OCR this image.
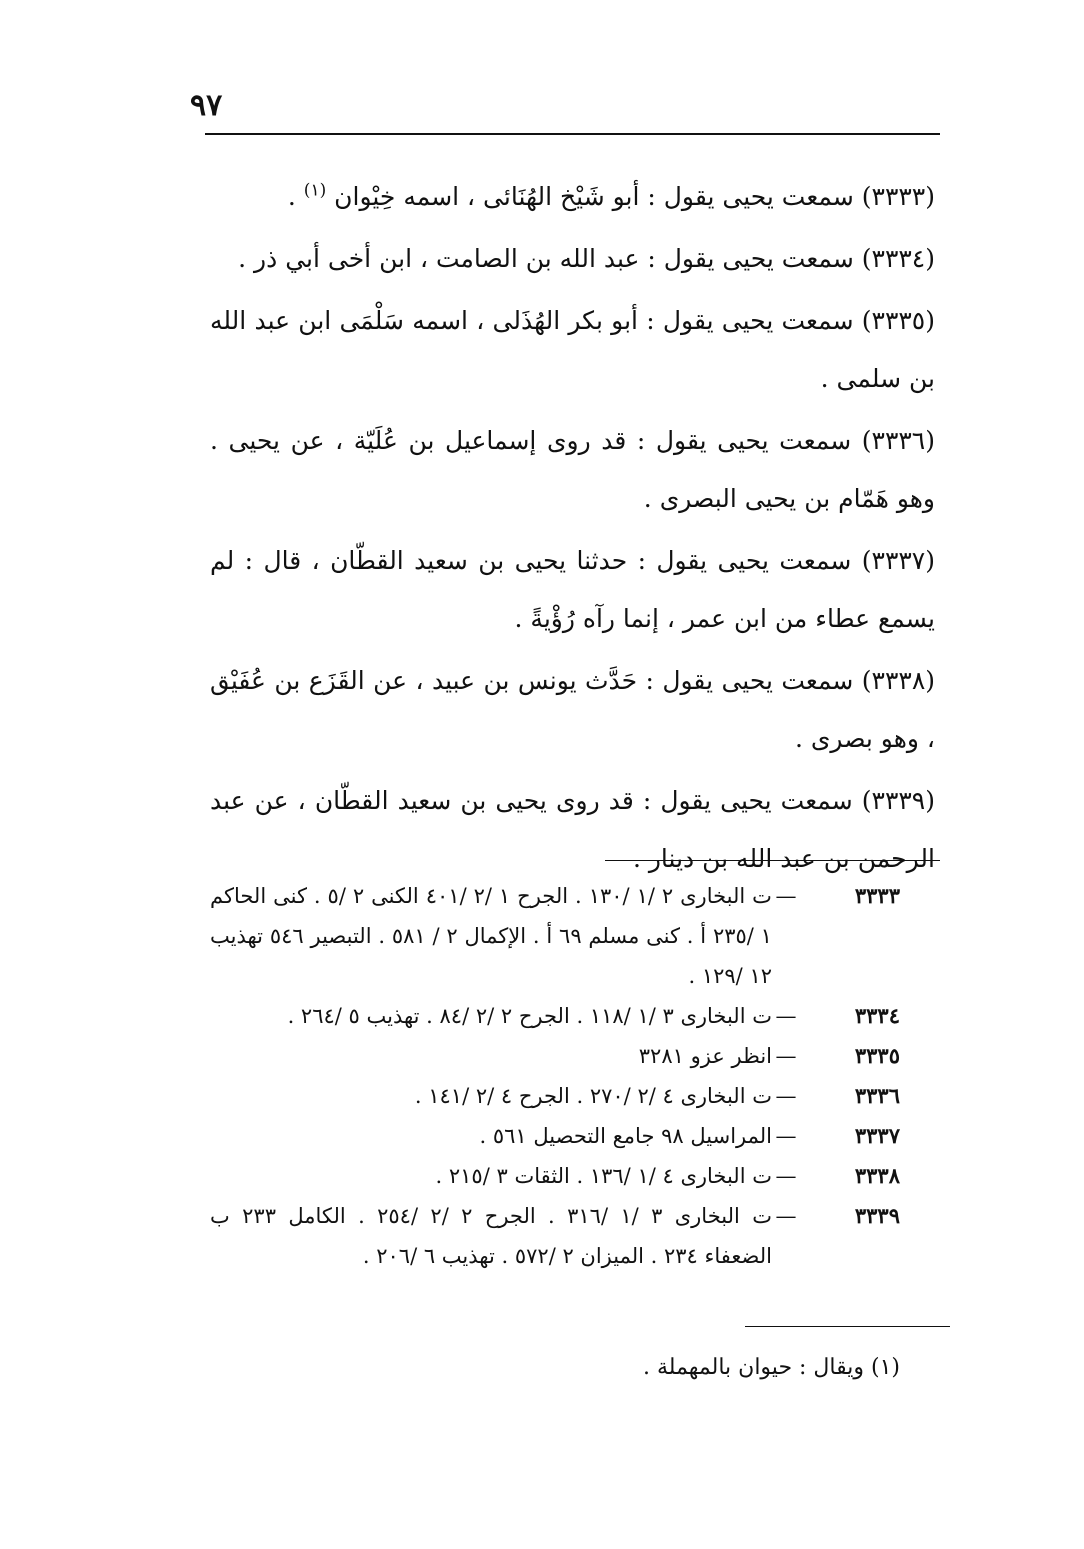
٩٧

(٣٣٣٣) سمعت يحيى يقول : أبو شَيْخ الهُنَائى ، اسمه خِيْوان $^{(١)}$ .

(٣٣٣٤) سمعت يحيى يقول : عبد الله بن الصامت ، ابن أخى أبي ذر .

(٣٣٣٥) سمعت يحيى يقول : أبو بكر الهُذَلى ، اسمه سَلْمَى ابن عبد الله بن سلمى .

(٣٣٣٦) سمعت يحيى يقول : قد روى إسماعيل بن عُلَيّة ، عن يحيى . وهو هَمّام بن يحيى البصرى .

(٣٣٣٧) سمعت يحيى يقول : حدثنا يحيى بن سعيد القطّان ، قال : لم يسمع عطاء من ابن عمر ، إنما رآه رُؤْيةً .

(٣٣٣٨) سمعت يحيى يقول : حَدَّث يونس بن عبيد ، عن القَزَع بن عُفَيْق ، وهو بصرى .

(٣٣٣٩) سمعت يحيى يقول : قد روى يحيى بن سعيد القطّان ، عن عبد الرحمن بن عبد الله بن دينار .

٣٣٣٣
—
ت البخارى ٢ /١ /١٣٠ . الجرح ١ /٢ /٤٠١ الكنى ٢ /٥ . كنى الحاكم ١ /٢٣٥ أ . كنى مسلم ٦٩ أ . الإكمال ٢ / ٥٨١ . التبصير ٥٤٦ تهذيب ١٢ /١٢٩ .
٣٣٣٤
—
ت البخارى ٣ /١ /١١٨ . الجرح ٢ /٢ /٨٤ . تهذيب ٥ /٢٦٤ .
٣٣٣٥
—
انظر عزو ٣٢٨١
٣٣٣٦
—
ت البخارى ٤ /٢ /٢٧٠ . الجرح ٤ /٢ /١٤١ .
٣٣٣٧
—
المراسيل ٩٨ جامع التحصيل ٥٦١ .
٣٣٣٨
—
ت البخارى ٤ /١ /١٣٦ . الثقات ٣ /٢١٥ .
٣٣٣٩
—
ت البخارى ٣ /١ /٣١٦ . الجرح ٢ /٢ /٢٥٤ . الكامل ٢٣٣ ب الضعفاء ٢٣٤ . الميزان ٢ /٥٧٢ . تهذيب ٦ /٢٠٦ .
(١) ويقال : حيوان بالمهملة .
